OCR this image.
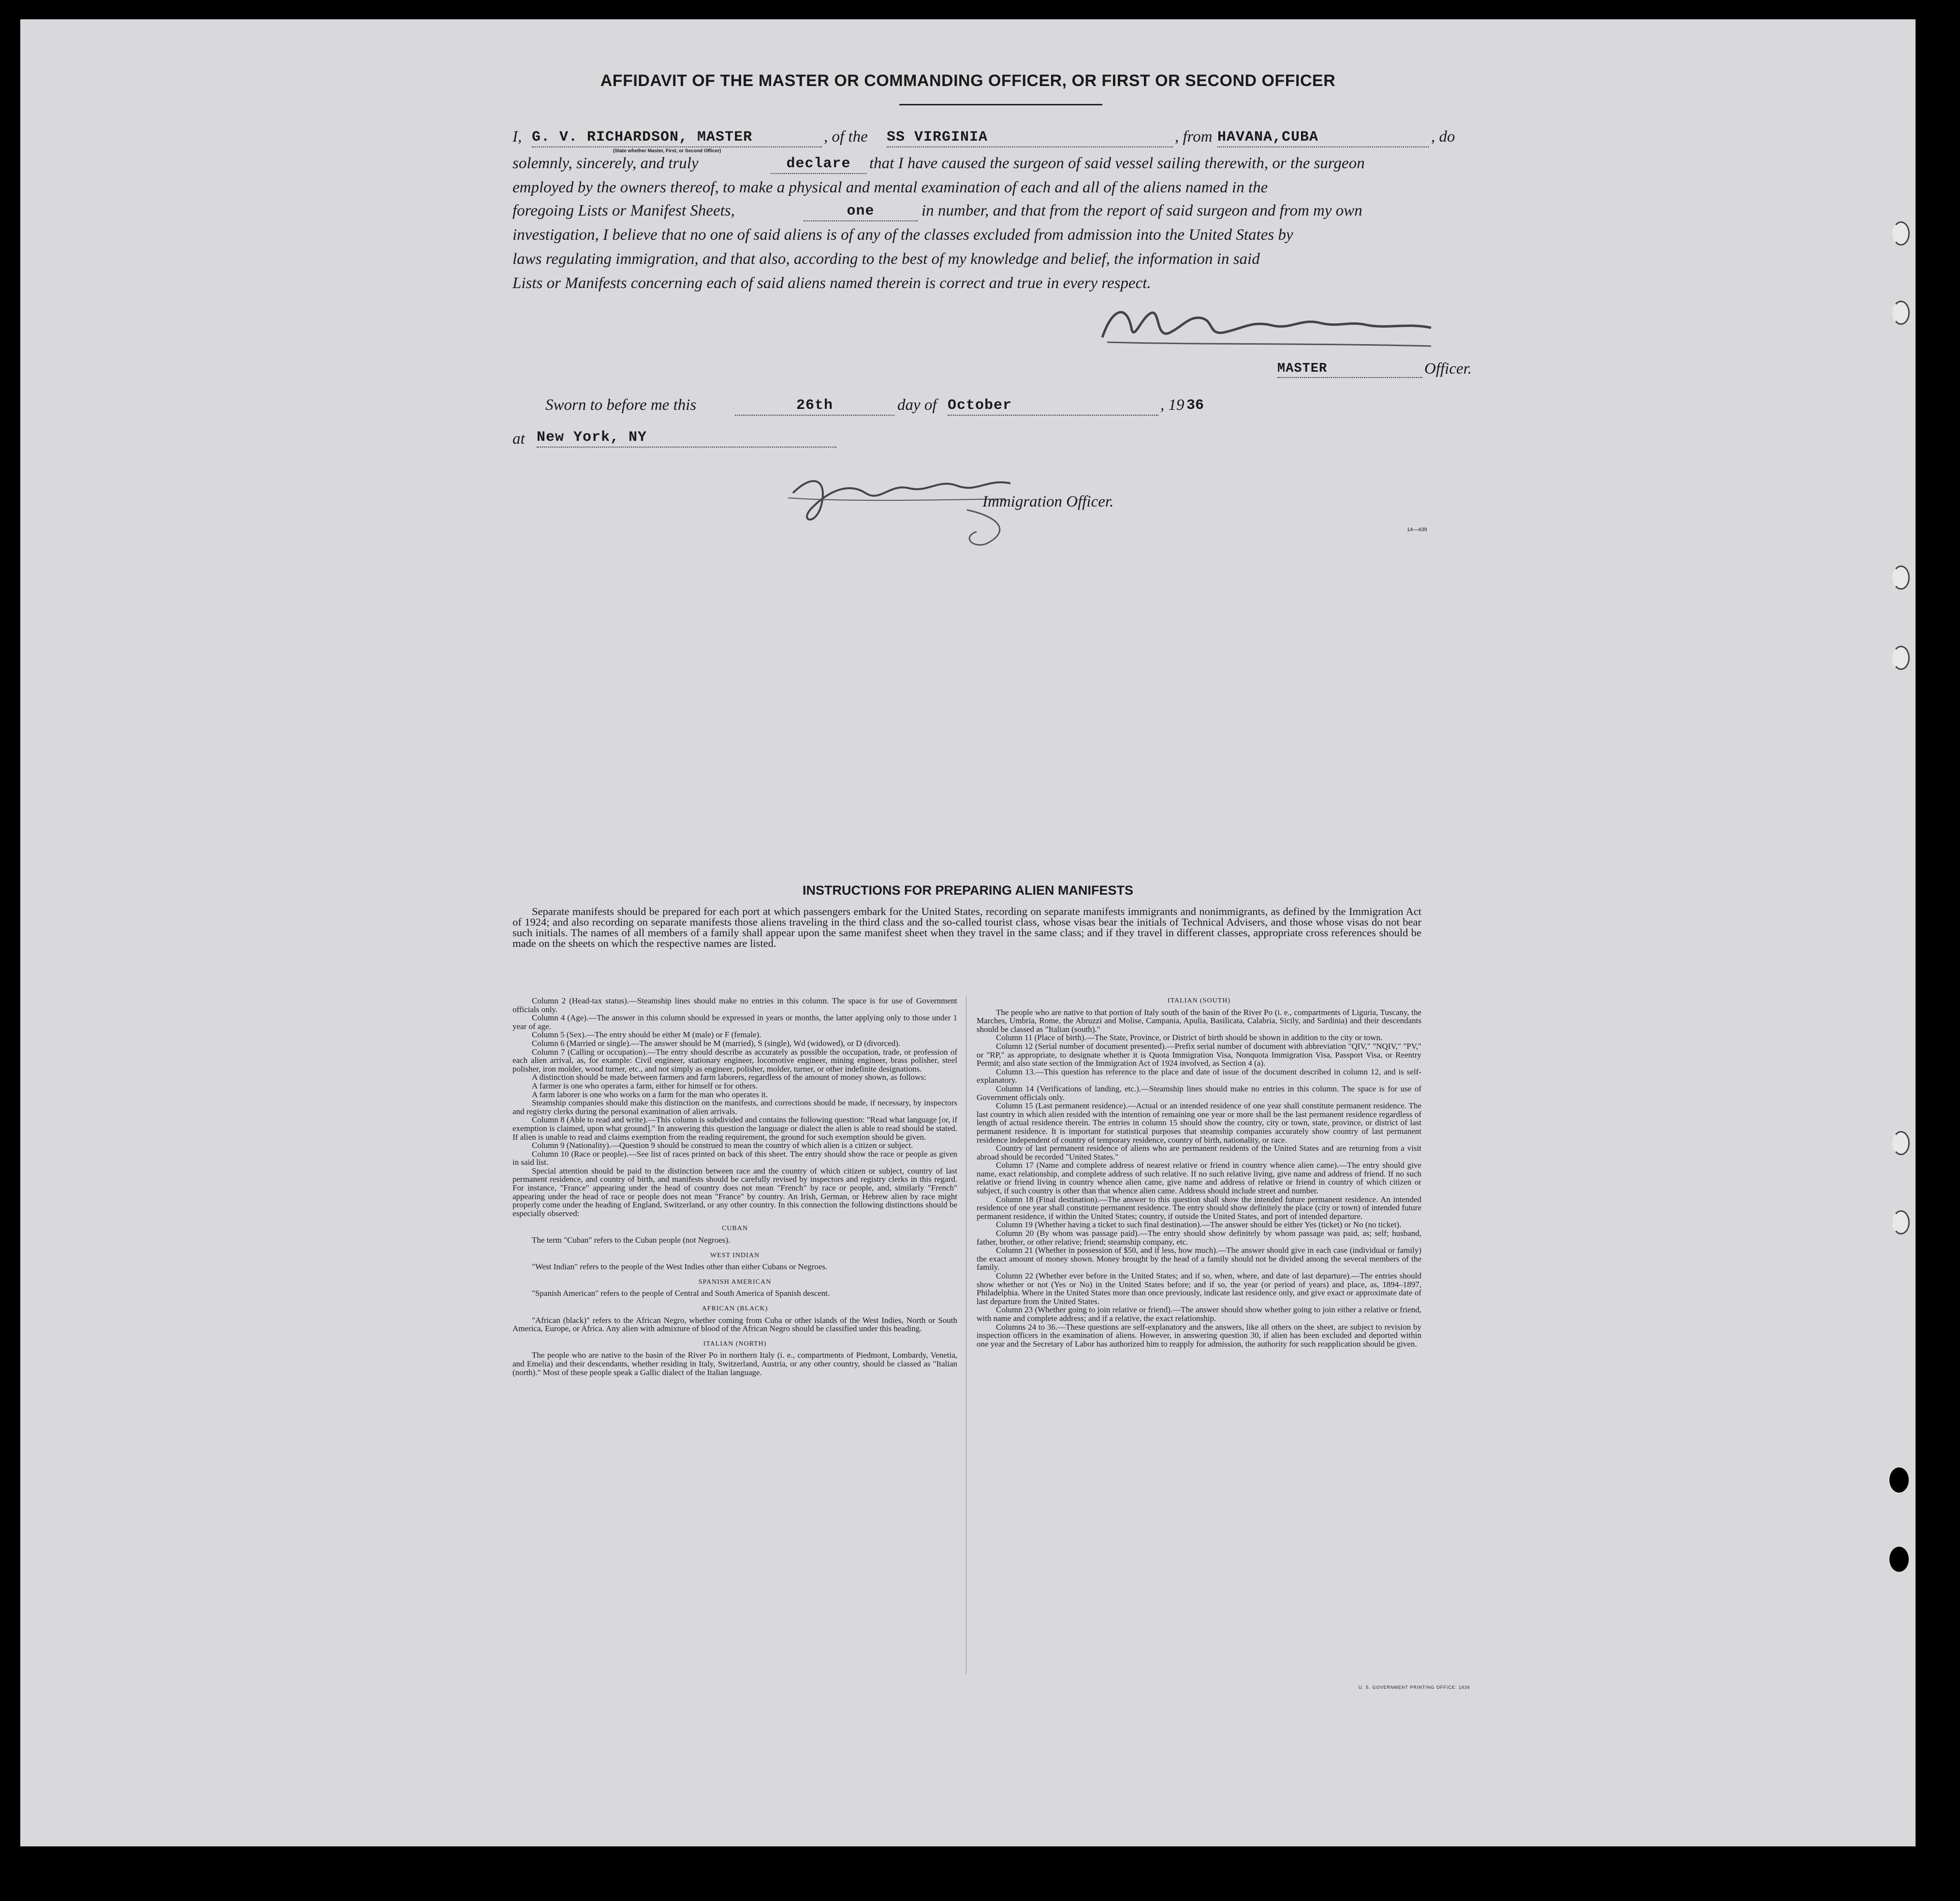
AFFIDAVIT OF THE MASTER OR COMMANDING OFFICER, OR FIRST OR SECOND OFFICER
I, G. V. RICHARDSON, MASTER	, of the SS VIRGINIA	, from HAVANA,CUBA	, do
(State whether Master, First, or Second Officer)
solemnly, sincerely, and truly	declare	that I have caused the surgeon of said vessel sailing therewith, or the surgeon
employed by the owners thereof, to make a physical and mental examination of each and all of the aliens named in the
foregoing Lists or Manifest Sheets,	one	in number, and that from the report of said surgeon and from my own
investigation, I believe that no one of said aliens is of any of the classes excluded from admission into the United States by
laws regulating immigration, and that also, according to the best of my knowledge and belief, the information in said
Lists or Manifests concerning each of said aliens named therein is correct and true in every respect.
MASTER	Officer.
Sworn to before me this	26th	day of October	, 19 36
at New York, NY
Immigration Officer.
14—439
INSTRUCTIONS FOR PREPARING ALIEN MANIFESTS
Separate manifests should be prepared for each port at which passengers embark for the United States, recording on separate manifests immigrants and nonimmigrants, as defined by the Immigration Act of 1924; and also recording on separate manifests those aliens traveling in the third class and the so-called tourist class, whose visas bear the initials of Technical Advisers, and those whose visas do not bear such initials. The names of all members of a family shall appear upon the same manifest sheet when they travel in the same class; and if they travel in different classes, appropriate cross references should be made on the sheets on which the respective names are listed.

Column 2 (Head-tax status).—Steamship lines should make no entries in this column. The space is for use of Government officials only.

Column 4 (Age).—The answer in this column should be expressed in years or months, the latter applying only to those under 1 year of age.

Column 5 (Sex).—The entry should be either M (male) or F (female).

Column 6 (Married or single).—The answer should be M (married), S (single), Wd (widowed), or D (divorced).

Column 7 (Calling or occupation).—The entry should describe as accurately as possible the occupation, trade, or profession of each alien arrival, as, for example: Civil engineer, stationary engineer, locomotive engineer, mining engineer, brass polisher, steel polisher, iron molder, wood turner, etc., and not simply as engineer, polisher, molder, turner, or other indefinite designations.

A distinction should be made between farmers and farm laborers, regardless of the amount of money shown, as follows:

A farmer is one who operates a farm, either for himself or for others.

A farm laborer is one who works on a farm for the man who operates it.

Steamship companies should make this distinction on the manifests, and corrections should be made, if necessary, by inspectors and registry clerks during the personal examination of alien arrivals.

Column 8 (Able to read and write).—This column is subdivided and contains the following question: "Read what language [or, if exemption is claimed, upon what ground]." In answering this question the language or dialect the alien is able to read should be stated. If alien is unable to read and claims exemption from the reading requirement, the ground for such exemption should be given.

Column 9 (Nationality).—Question 9 should be construed to mean the country of which alien is a citizen or subject.

Column 10 (Race or people).—See list of races printed on back of this sheet. The entry should show the race or people as given in said list.

Special attention should be paid to the distinction between race and the country of which citizen or subject, country of last permanent residence, and country of birth, and manifests should be carefully revised by inspectors and registry clerks in this regard. For instance, "France" appearing under the head of country does not mean "French" by race or people, and, similarly "French" appearing under the head of race or people does not mean "France" by country. An Irish, German, or Hebrew alien by race might properly come under the heading of England, Switzerland, or any other country. In this connection the following distinctions should be especially observed:

CUBAN

The term "Cuban" refers to the Cuban people (not Negroes).

WEST INDIAN

"West Indian" refers to the people of the West Indies other than either Cubans or Negroes.

SPANISH AMERICAN

"Spanish American" refers to the people of Central and South America of Spanish descent.

AFRICAN (BLACK)

"African (black)" refers to the African Negro, whether coming from Cuba or other islands of the West Indies, North or South America, Europe, or Africa. Any alien with admixture of blood of the African Negro should be classified under this heading.

ITALIAN (NORTH)

The people who are native to the basin of the River Po in northern Italy (i. e., compartments of Piedmont, Lombardy, Venetia, and Emelia) and their descendants, whether residing in Italy, Switzerland, Austria, or any other country, should be classed as "Italian (north)." Most of these people speak a Gallic dialect of the Italian language.

ITALIAN (SOUTH)

The people who are native to that portion of Italy south of the basin of the River Po (i. e., compartments of Liguria, Tuscany, the Marches, Umbria, Rome, the Abruzzi and Molise, Campania, Apulia, Basilicata, Calabria, Sicily, and Sardinia) and their descendants should be classed as "Italian (south)."

Column 11 (Place of birth).—The State, Province, or District of birth should be shown in addition to the city or town.

Column 12 (Serial number of document presented).—Prefix serial number of document with abbreviation "QIV," "NQIV," "PV," or "RP," as appropriate, to designate whether it is Quota Immigration Visa, Nonquota Immigration Visa, Passport Visa, or Reentry Permit; and also state section of the Immigration Act of 1924 involved, as Section 4 (a).

Column 13.—This question has reference to the place and date of issue of the document described in column 12, and is self-explanatory.

Column 14 (Verifications of landing, etc.).—Steamship lines should make no entries in this column. The space is for use of Government officials only.

Column 15 (Last permanent residence).—Actual or an intended residence of one year shall constitute permanent residence. The last country in which alien resided with the intention of remaining one year or more shall be the last permanent residence regardless of length of actual residence therein. The entries in column 15 should show the country, city or town, state, province, or district of last permanent residence. It is important for statistical purposes that steamship companies accurately show country of last permanent residence independent of country of temporary residence, country of birth, nationality, or race.

Country of last permanent residence of aliens who are permanent residents of the United States and are returning from a visit abroad should be recorded "United States."

Column 17 (Name and complete address of nearest relative or friend in country whence alien came).—The entry should give name, exact relationship, and complete address of such relative. If no such relative living, give name and address of friend. If no such relative or friend living in country whence alien came, give name and address of relative or friend in country of which citizen or subject, if such country is other than that whence alien came. Address should include street and number.

Column 18 (Final destination).—The answer to this question shall show the intended future permanent residence. An intended residence of one year shall constitute permanent residence. The entry should show definitely the place (city or town) of intended future permanent residence, if within the United States; country, if outside the United States, and port of intended departure.

Column 19 (Whether having a ticket to such final destination).—The answer should be either Yes (ticket) or No (no ticket).

Column 20 (By whom was passage paid).—The entry should show definitely by whom passage was paid, as; self; husband, father, brother, or other relative; friend; steamship company, etc.

Column 21 (Whether in possession of $50, and if less, how much).—The answer should give in each case (individual or family) the exact amount of money shown. Money brought by the head of a family should not be divided among the several members of the family.

Column 22 (Whether ever before in the United States; and if so, when, where, and date of last departure).—The entries should show whether or not (Yes or No) in the United States before; and if so, the year (or period of years) and place, as, 1894–1897, Philadelphia. Where in the United States more than once previously, indicate last residence only, and give exact or approximate date of last departure from the United States.

Column 23 (Whether going to join relative or friend).—The answer should show whether going to join either a relative or friend, with name and complete address; and if a relative, the exact relationship.

Columns 24 to 36.—These questions are self-explanatory and the answers, like all others on the sheet, are subject to revision by inspection officers in the examination of aliens. However, in answering question 30, if alien has been excluded and deported within one year and the Secretary of Labor has authorized him to reapply for admission, the authority for such reapplication should be given.

U. S. GOVERNMENT PRINTING OFFICE: 1936
